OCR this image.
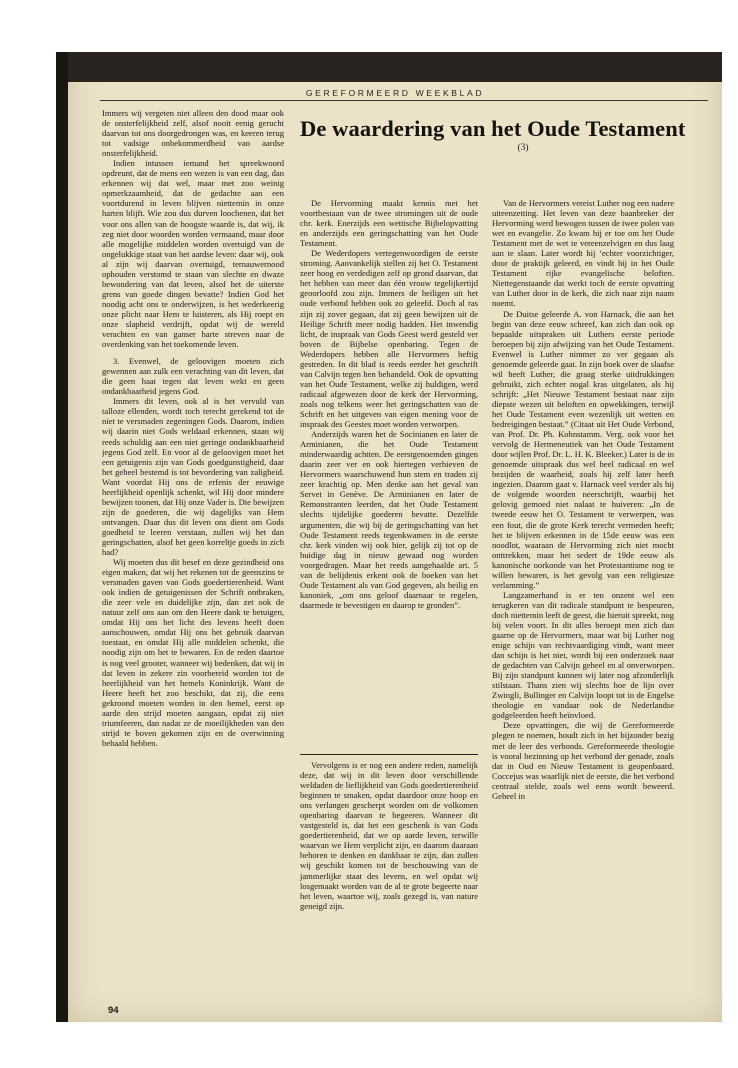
GEREFORMEERD WEEKBLAD

Immers wij vergeten niet alleen den dood maar ook de onsterfelijkheid zelf, alsof nooit eenig gerucht daarvan tot ons doorgedrongen was, en keeren terug tot vadsige onbekommerdheid van aardse onsterfelijkheid.

Indien intussen iemand het spreekwoord opdreunt, dat de mens een wezen is van een dag, dan erkennen wij dat wel, maar met zoo weinig opmerkzaamheid, dat de gedachte aan een voortdurend in leven blijven niettemin in onze harten blijft. Wie zou dus durven loochenen, dat het voor ons allen van de hoogste waarde is, dat wij, ik zeg niet door woorden worden vermaand, maar door alle mogelijke middelen worden overtuigd van de ongelukkige staat van het aardse leven: daar wij, ook al zijn wij daarvan overtuigd, ternauwernood ophouden verstomd te staan van slechte en dwaze bewondering van dat leven, alsof het de uiterste grens van goede dingen bevatte? Indien God het noodig acht ons te onderwijzen, is het wederkeerig onze plicht naar Hem te luisteren, als Hij roept en onze slapheid verdrijft, opdat wij de wereld verachten en van ganser harte streven naar de overdenking van het toekomende leven.

3. Evenwel, de geloovigen moeten zich gewennen aan zulk een verachting van dit leven, dat die geen haat tegen dat leven wekt en geen ondankbaarheid jegens God.

Immers dit leven, ook al is het vervuld van talloze ellenden, wordt toch terecht gerekend tot de niet te versmaden zegeningen Gods. Daarom, indien wij daarin niet Gods weldaad erkennen, staan wij reeds schuldig aan een niet geringe ondankbaarheid jegens God zelf. En voor al de geloovigen moet het een getuigenis zijn van Gods goedgunstigheid, daar het geheel bestemd is tot bevordering van zaligheid. Want voordat Hij ons de erfenis der eeuwige heerlijkheid openlijk schenkt, wil Hij door mindere bewijzen toonen, dat Hij onze Vader is. Die bewijzen zijn de goederen, die wij dagelijks van Hem ontvangen. Daar dus dit leven ons dient om Gods goedheid te leeren verstaan, zullen wij het dan geringschatten, alsof het geen korreltje goeds in zich had?

Wij moeten dus dit besef en deze gezindheid ons eigen maken, dat wij het rekenen tot de geenszins te versmaden gaven van Gods goedertierenheid. Want ook indien de getuigenissen der Schrift ontbraken, die zeer vele en duidelijke zijn, dan zet ook de natuur zelf ons aan om den Heere dank te betuigen, omdat Hij ons het licht des levens heeft doen aanschouwen, omdat Hij ons het gebruik daarvan toestaat, en omdat Hij alle middelen schenkt, die noodig zijn om het te bewaren. En de reden daartoe is nog veel grooter, wanneer wij bedenken, dat wij in dat leven in zekere zin voorbereid worden tot de heerlijkheid van het hemels Koninkrijk. Want de Heere heeft het zoo beschikt, dat zij, die eens gekroond moeten worden in den hemel, eerst op aarde den strijd moeten aangaan, opdat zij niet triumfeeren, dan nadat ze de moeilijkheden van den strijd te boven gekomen zijn en de overwinning behaald hebben.

De waardering van het Oude Testament
(3)

De Hervorming maakt kennis met het voortbestaan van de twee stromingen uit de oude chr. kerk. Enerzijds een wettische Bijbelopvatting en anderzijds een geringschatting van het Oude Testament.

De Wederdopers vertegenwoordigen de eerste stroming. Aanvankelijk stellen zij het O. Testament zeer hoog en verdedigen zelf op grond daarvan, dat het hebben van meer dan één vrouw tegelijkertijd geoorloofd zou zijn. Immers de heiligen uit het oude verbond hebben ook zo geleefd. Doch al ras zijn zij zover gegaan, dat zij geen bewijzen uit de Heilige Schrift meer nodig hadden. Het inwendig licht, de inspraak van Gods Geest werd gesteld ver boven de Bijbelse openbaring. Tegen de Wederdopers hebben alle Hervormers heftig gestreden. In dit blad is reeds eerder het geschrift van Calvijn tegen hen behandeld. Ook de opvatting van het Oude Testament, welke zij huldigen, werd radicaal afgewezen door de kerk der Hervorming, zoals nog telkens weer het geringschatten van de Schrift en het uitgeven van eigen mening voor de inspraak des Geestes moet worden verworpen.

Anderzijds waren het de Socinianen en later de Arminianen, die het Oude Testament minderwaardig achtten. De eerstgenoemden gingen daarin zeer ver en ook hiertegen verhieven de Hervormers waarschuwend hun stem en traden zij zeer krachtig op. Men denke aan het geval van Servet in Genève. De Arminianen en later de Remonstranten leerden, dat het Oude Testament slechts tijdelijke goederen bevatte. Dezelfde argumenten, die wij bij de geringschatting van het Oude Testament reeds tegenkwamen in de eerste chr. kerk vinden wij ook hier, gelijk zij tot op de huidige dag in nieuw gewaad nog worden voorgedragen. Maar het reeds aangehaalde art. 5 van de belijdenis erkent ook de boeken van het Oude Testament als van God gegeven, als heilig en kanoniek, „om ons geloof daarnaar te regelen, daarmede te bevestigen en daarop te gronden”.

Vervolgens is er nog een andere reden, namelijk deze, dat wij in dit leven door verschillende weldaden de lieflijkheid van Gods goedertierenheid beginnen te smaken, opdat daardoor onze hoop en ons verlangen gescherpt worden om de volkomen openbaring daarvan te begeeren. Wanneer dit vastgesteld is, dat het een geschenk is van Gods goedertierenheid, dat we op aarde leven, terwille waarvan we Hem verplicht zijn, en daarom daaraan behoren te denken en dankbaar te zijn, dan zullen wij geschikt komen tot de beschouwing van de jammerlijke staat des levens, en wel opdat wij losgemaakt worden van de al te grote begeerte naar het leven, waartoe wij, zoals gezegd is, van nature geneigd zijn.

Van de Hervormers vereist Luther nog een nadere uiteenzetting. Het leven van deze baanbreker der Hervorming werd bewogen tussen de twee polen van wet en evangelie. Zo kwam hij er toe om het Oude Testament met de wet te vereenzelvigen en dus laag aan te slaan. Later wordt hij ‘echter voorzichtiger, door de praktijk geleerd, en vindt hij in het Oude Testament rijke evangelische beloften. Niettegenstaande dat werkt toch de eerste opvatting van Luther door in de kerk, die zich naar zijn naam noemt.

De Duitse geleerde A. von Harnack, die aan het begin van deze eeuw schreef, kan zich dan ook op bepaalde uitspraken uit Luthers eerste periode beroepen bij zijn afwijzing van het Oude Testament. Evenwel is Luther nimmer zo ver gegaan als genoemde geleerde gaat. In zijn boek over de slaafse wil heeft Luther, die graag sterke uitdrukkingen gebruikt, zich echter nogal kras uitgelaten, als hij schrijft: „Het Nieuwe Testament bestaat naar zijn diepste wezen uit beloften en opwekkingen, terwijl het Oude Testament even wezenlijk uit wetten en bedreigingen bestaat.” (Citaat uit Het Oude Verbond, van Prof. Dr. Ph. Kohnstamm. Verg. ook voor het vervolg de Hermeneutiek van het Oude Testament door wijlen Prof. Dr. L. H. K. Bleeker.) Later is de in genoemde uitspraak dus wel heel radicaal en wel bezijden de waarheid, zoals hij zelf later heeft ingezien. Daarom gaat v. Harnack veel verder als hij de volgende woorden neerschrijft, waarbij het gelovig gemoed niet nalaat te huiveren: „In de tweede eeuw het O. Testament te verwerpen, was een fout, die de grote Kerk terecht vermeden heeft; het te blijven erkennen in de 15de eeuw was een noodlot, waaraan de Hervorming zich niet mocht onttrekken, maar het sedert de 19de eeuw als kanonische oorkonde van het Protestantisme nog te willen bewaren, is het gevolg van een religieuze verlamming.”

Langzamerhand is er ten onzent wel een terugkeren van dit radicale standpunt te bespeuren, doch niettemin leeft de geest, die hieruit spreekt, nog bij velen voort. In dit alles beroept men zich dan gaarne op de Hervormers, maar wat bij Luther nog enige schijn van rechtvaardiging vindt, want meer dan schijn is het niet, wordt bij een onderzoek naar de gedachten van Calvijn geheel en al onverworpen. Bij zijn standpunt kunnen wij later nog afzonderlijk stilstaan. Thans zien wij slechts hoe de lijn over Zwingli, Bullinger en Calvijn loopt tot in de Engelse theologie en vandaar ook de Nederlandse godgeleerden heeft beïnvloed.

Deze opvattingen, die wij de Gereformeerde plegen te noemen, houdt zich in het bijzonder bezig met de leer des verbonds. Gereformeerde theologie is vooral bezinning op het verbond der genade, zoals dat in Oud en Nieuw Testament is geopenbaard. Coccejus was waarlijk niet de eerste, die het verbond centraal stelde, zoals wel eens wordt beweerd. Geheel in

94
